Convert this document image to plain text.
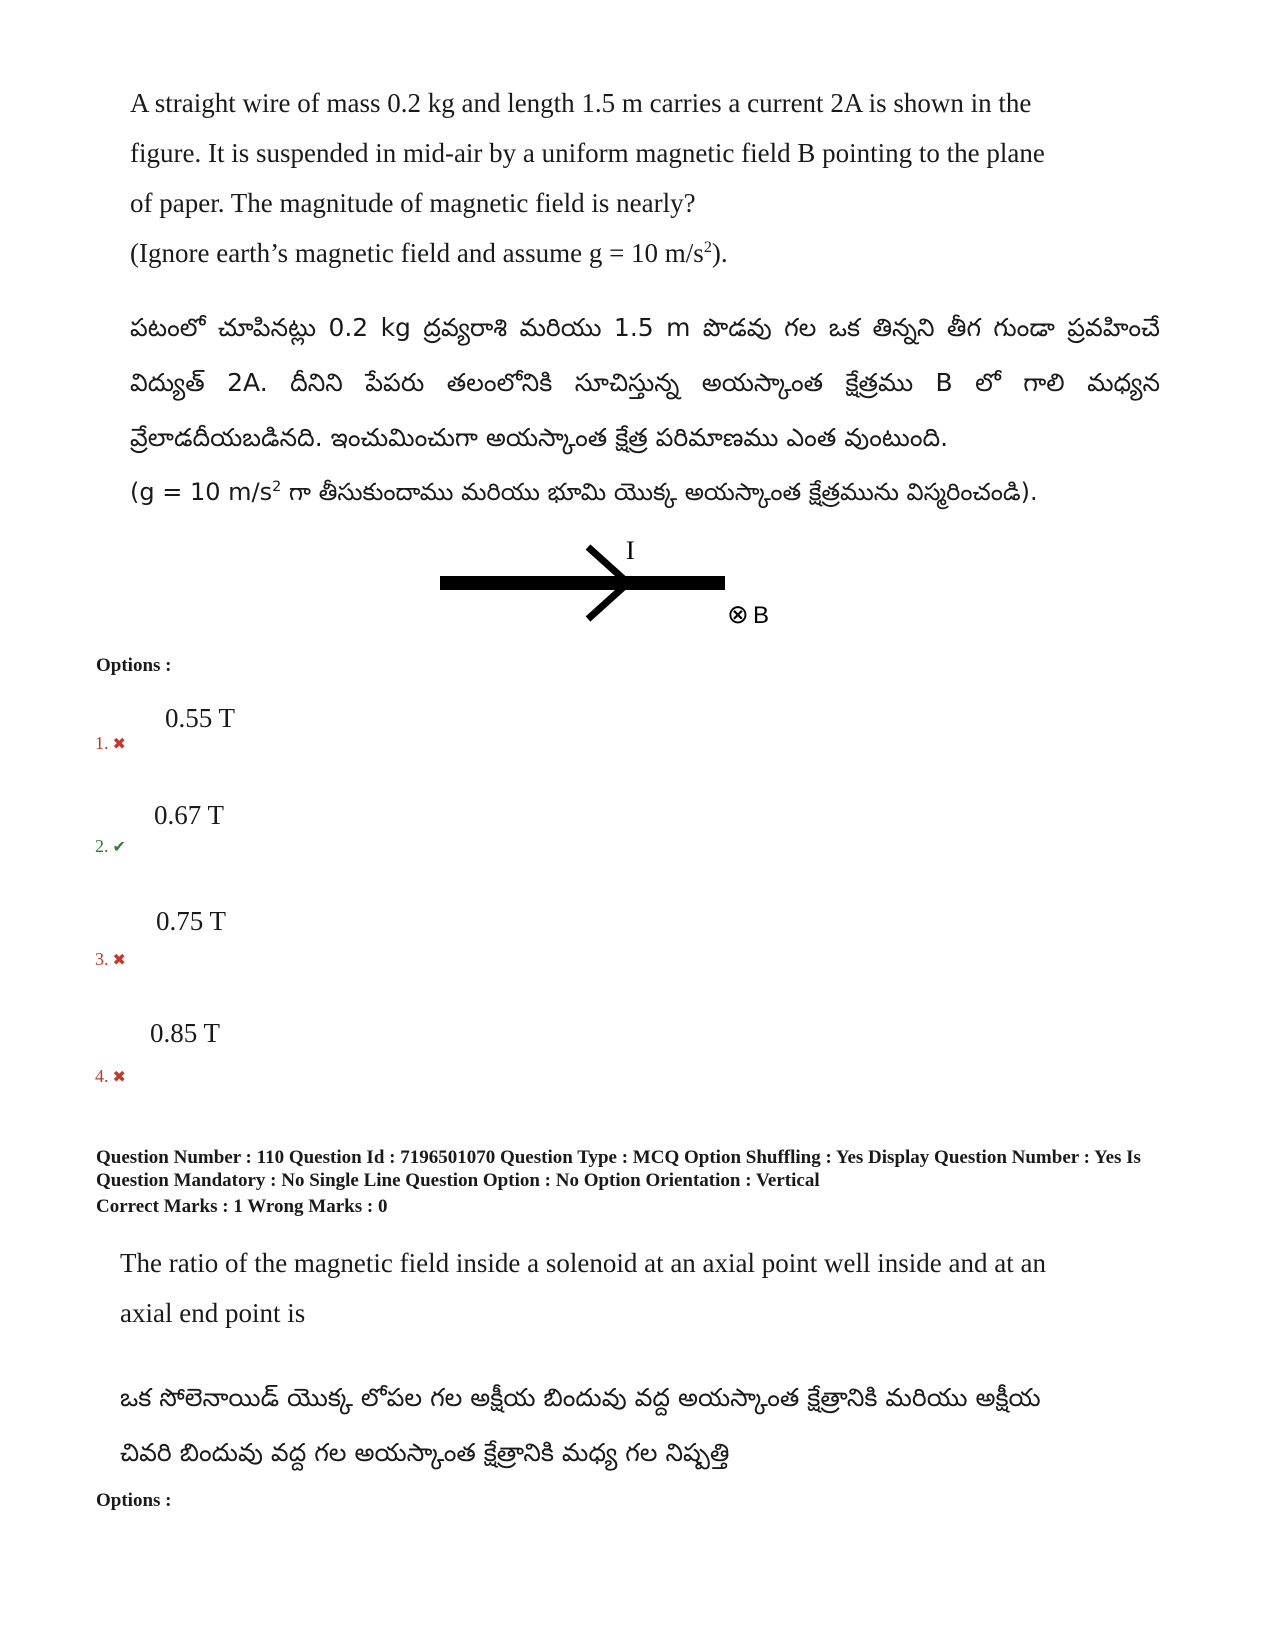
A straight wire of mass 0.2 kg and length 1.5 m carries a current 2A is shown in the
figure. It is suspended in mid-air by a uniform magnetic field B pointing to the plane
of paper. The magnitude of magnetic field is nearly?
(Ignore earth’s magnetic field and assume g = 10 $m/s^2$).
పటంలో చూపినట్లు 0.2 kg ద్రవ్యరాశి మరియు 1.5 m పొడవు గల ఒక తిన్నని తీగ గుండా ప్రవహించే విద్యుత్ 2A. దీనిని పేపరు తలంలోనికి సూచిస్తున్న అయస్కాంత క్షేత్రము B లో గాలి మధ్యన వ్రేలాడదీయబడినది. ఇంచుమించుగా అయస్కాంత క్షేత్ర పరిమాణము ఎంత వుంటుంది.
(g = 10 $m/s^2$ గా తీసుకుందాము మరియు భూమి యొక్క అయస్కాంత క్షేత్రమును విస్మరించండి).
I
⊗ B
Options :
0.55 T
1. ✖
0.67 T
2. ✔
0.75 T
3. ✖
0.85 T
4. ✖
Question Number : 110 Question Id : 7196501070 Question Type : MCQ Option Shuffling : Yes Display Question Number : Yes Is
Question Mandatory : No Single Line Question Option : No Option Orientation : Vertical
Correct Marks : 1 Wrong Marks : 0
The ratio of the magnetic field inside a solenoid at an axial point well inside and at an
axial end point is
ఒక సోలెనాయిడ్ యొక్క లోపల గల అక్షీయ బిందువు వద్ద అయస్కాంత క్షేత్రానికి మరియు అక్షీయ
చివరి బిందువు వద్ద గల అయస్కాంత క్షేత్రానికి మధ్య గల నిష్పత్తి
Options :
